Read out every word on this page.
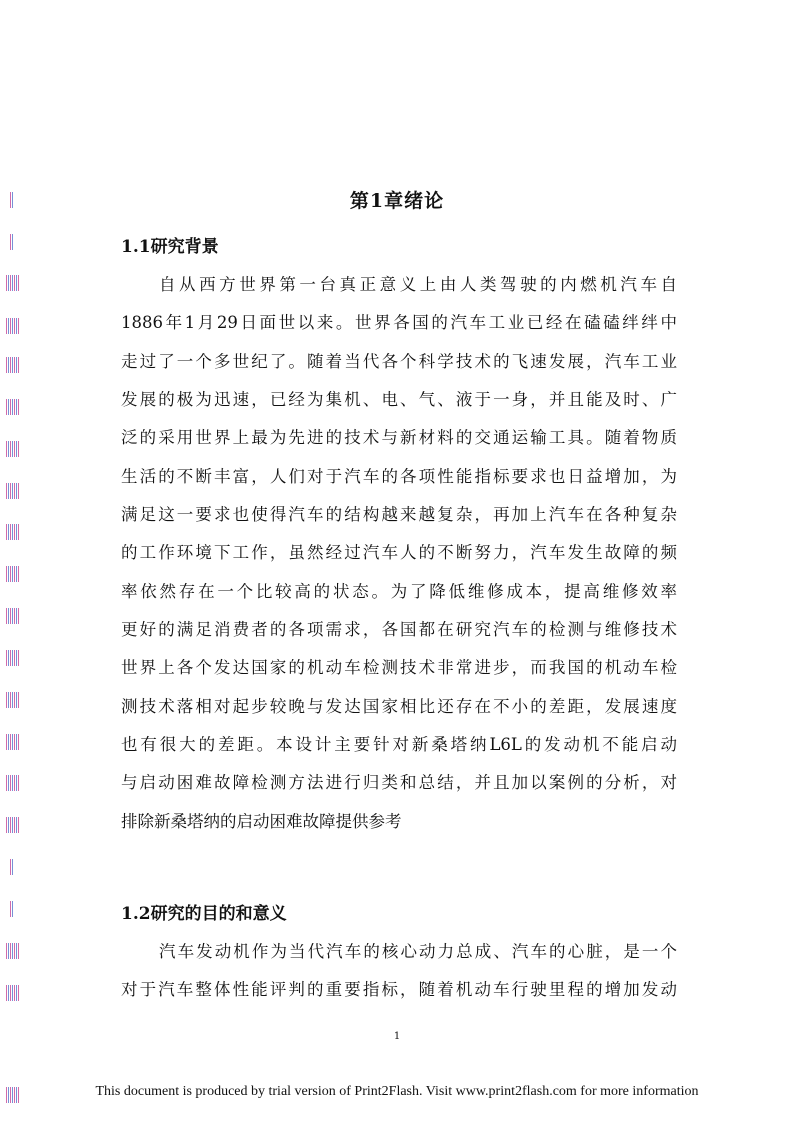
第1章绪论
1.1研究背景
自从西方世界第一台真正意义上由人类驾驶的内燃机汽车自
1886年1月29日面世以来。世界各国的汽车工业已经在磕磕绊绊中
走过了一个多世纪了。随着当代各个科学技术的飞速发展，汽车工业
发展的极为迅速，已经为集机、电、气、液于一身，并且能及时、广
泛的采用世界上最为先进的技术与新材料的交通运输工具。随着物质
生活的不断丰富，人们对于汽车的各项性能指标要求也日益增加，为
满足这一要求也使得汽车的结构越来越复杂，再加上汽车在各种复杂
的工作环境下工作，虽然经过汽车人的不断努力，汽车发生故障的频
率依然存在一个比较高的状态。为了降低维修成本，提高维修效率
更好的满足消费者的各项需求，各国都在研究汽车的检测与维修技术
世界上各个发达国家的机动车检测技术非常进步，而我国的机动车检
测技术落相对起步较晚与发达国家相比还存在不小的差距，发展速度
也有很大的差距。本设计主要针对新桑塔纳L6L的发动机不能启动
与启动困难故障检测方法进行归类和总结，并且加以案例的分析，对
排除新桑塔纳的启动困难故障提供参考
1.2研究的目的和意义
汽车发动机作为当代汽车的核心动力总成、汽车的心脏，是一个
对于汽车整体性能评判的重要指标，随着机动车行驶里程的增加发动
1
This document is produced by trial version of Print2Flash. Visit www.print2flash.com for more information
